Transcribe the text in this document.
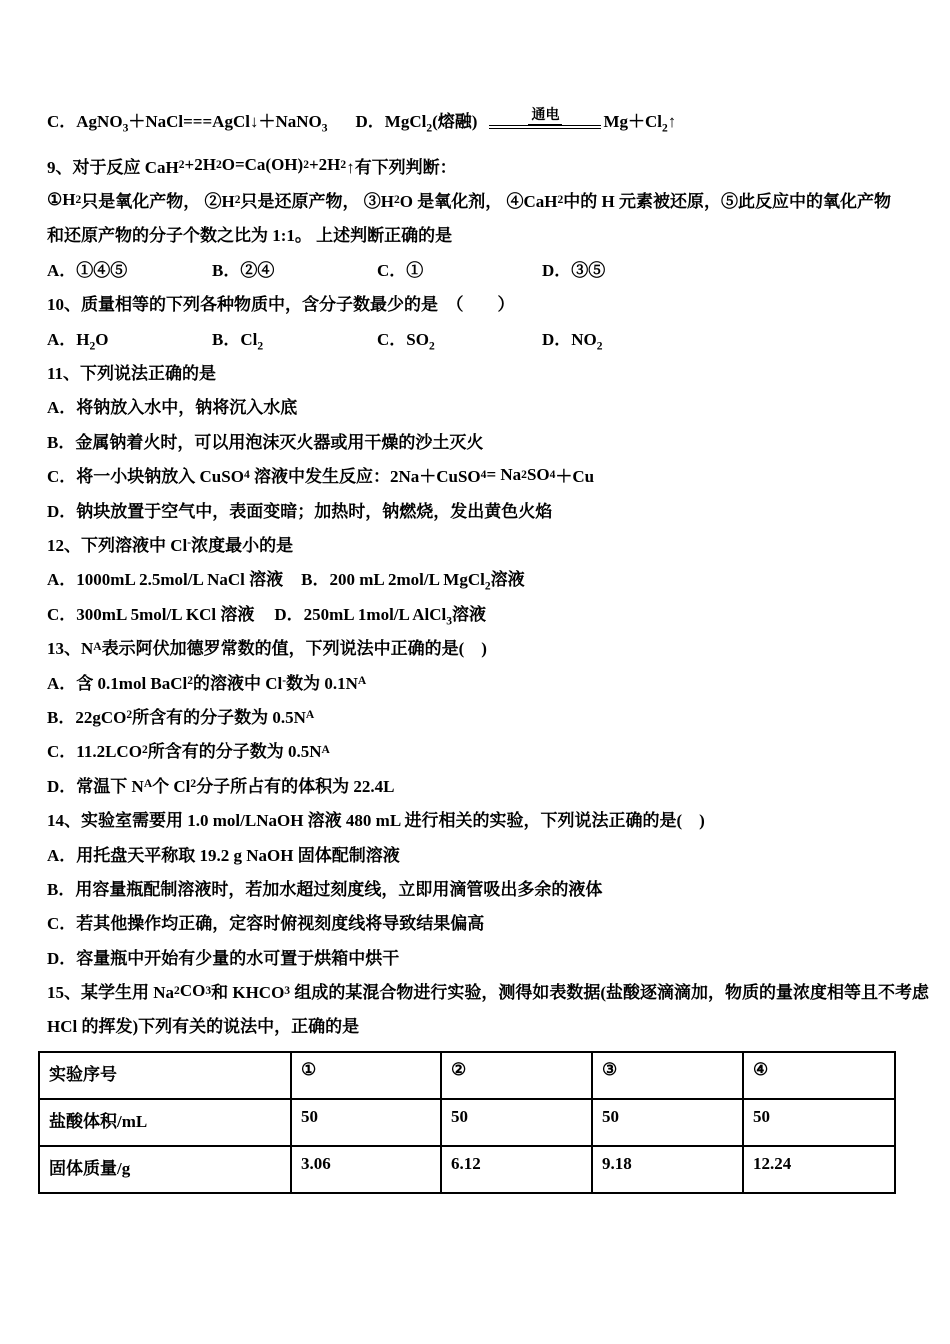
C．AgNO$_3$＋NaCl===AgCl↓＋NaNO$_3$ D．MgCl$_2$(熔融)	通电	$Mg+Cl_2↑$
9、对于反应 CaH 2 +2H 2 O=Ca(OH) 2 +2H 2 ↑有下列判断：
①H 2 只是氧化产物， ②H 2 只是还原产物， ③H 2 O 是氧化剂， ④CaH 2 中的 H 元素被还原，⑤此反应中的氧化产物
和还原产物的分子个数之比为 1:1。 上述判断正确的是
A．①④⑤	B．②④	C．①	D．③⑤
10、质量相等的下列各种物质中，含分子数最少的是　（　　）
A．$H_2O$	B．$Cl_2$	C．$SO_2$	D．$NO_2$
11、下列说法正确的是
A．将钠放入水中，钠将沉入水底
B．金属钠着火时，可以用泡沫灭火器或用干燥的沙土灭火
C．将一小块钠放入 CuSO 4 溶液中发生反应：2Na＋CuSO 4 = Na 2 SO 4 ＋Cu
D．钠块放置于空气中，表面变暗；加热时，钠燃烧，发出黄色火焰
12、下列溶液中 Cl - 浓度最小的是
A．1000mL 2.5mol/L NaCl 溶液 B．200 mL 2mol/L MgCl$_2$溶液
C．300mL 5mol/L KCl 溶液 D．250mL 1mol/L AlCl$_3$溶液
13、N A 表示阿伏加德罗常数的值，下列说法中正确的是(　)
A．含 0.1mol BaCl 2 的溶液中 Cl - 数为 0.1N A
B．22gCO 2 所含有的分子数为 0.5N A
C．11.2LCO 2 所含有的分子数为 0.5N A
D．常温下 N A 个 Cl 2 分子所占有的体积为 22.4L
14、实验室需要用 1.0 mol/LNaOH 溶液 480 mL 进行相关的实验，下列说法正确的是(　)
A．用托盘天平称取 19.2 g NaOH 固体配制溶液
B．用容量瓶配制溶液时，若加水超过刻度线，立即用滴管吸出多余的液体
C．若其他操作均正确，定容时俯视刻度线将导致结果偏高
D．容量瓶中开始有少量的水可置于烘箱中烘干
15、某学生用 Na 2 CO 3 和 KHCO 3 组成的某混合物进行实验，测得如表数据(盐酸逐滴滴加，物质的量浓度相等且不考虑
HCl 的挥发)下列有关的说法中，正确的是
实验序号	①	②	③	④
盐酸体积/mL	50	50	50	50
固体质量/g	3.06	6.12	9.18	12.24
